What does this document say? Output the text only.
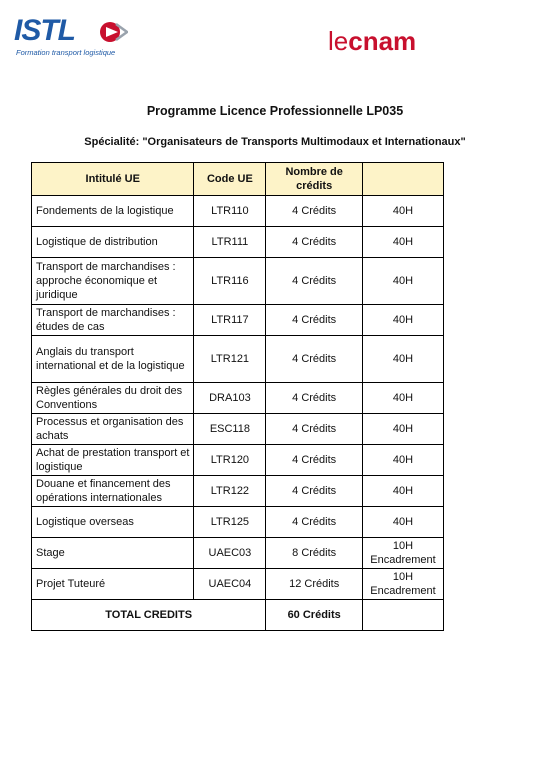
ISTL
Formation transport logistique	lecnam
Programme Licence Professionnelle LP035
Spécialité: "Organisateurs de Transports Multimodaux et Internationaux"
Intitulé UE	Code UE	Nombre de crédits	
Fondements de la logistique	LTR110	4 Crédits	40H
Logistique de distribution	LTR111	4 Crédits	40H
Transport de marchandises : approche économique et juridique	LTR116	4 Crédits	40H
Transport de marchandises : études de cas	LTR117	4 Crédits	40H
Anglais du transport international et de la logistique	LTR121	4 Crédits	40H
Règles générales du droit des Conventions	DRA103	4 Crédits	40H
Processus et organisation des achats	ESC118	4 Crédits	40H
Achat de prestation transport et logistique	LTR120	4 Crédits	40H
Douane et financement des opérations internationales	LTR122	4 Crédits	40H
Logistique overseas	LTR125	4 Crédits	40H
Stage	UAEC03	8 Crédits	10H Encadrement
Projet Tuteuré	UAEC04	12 Crédits	10H Encadrement
TOTAL CREDITS		60 Crédits	
